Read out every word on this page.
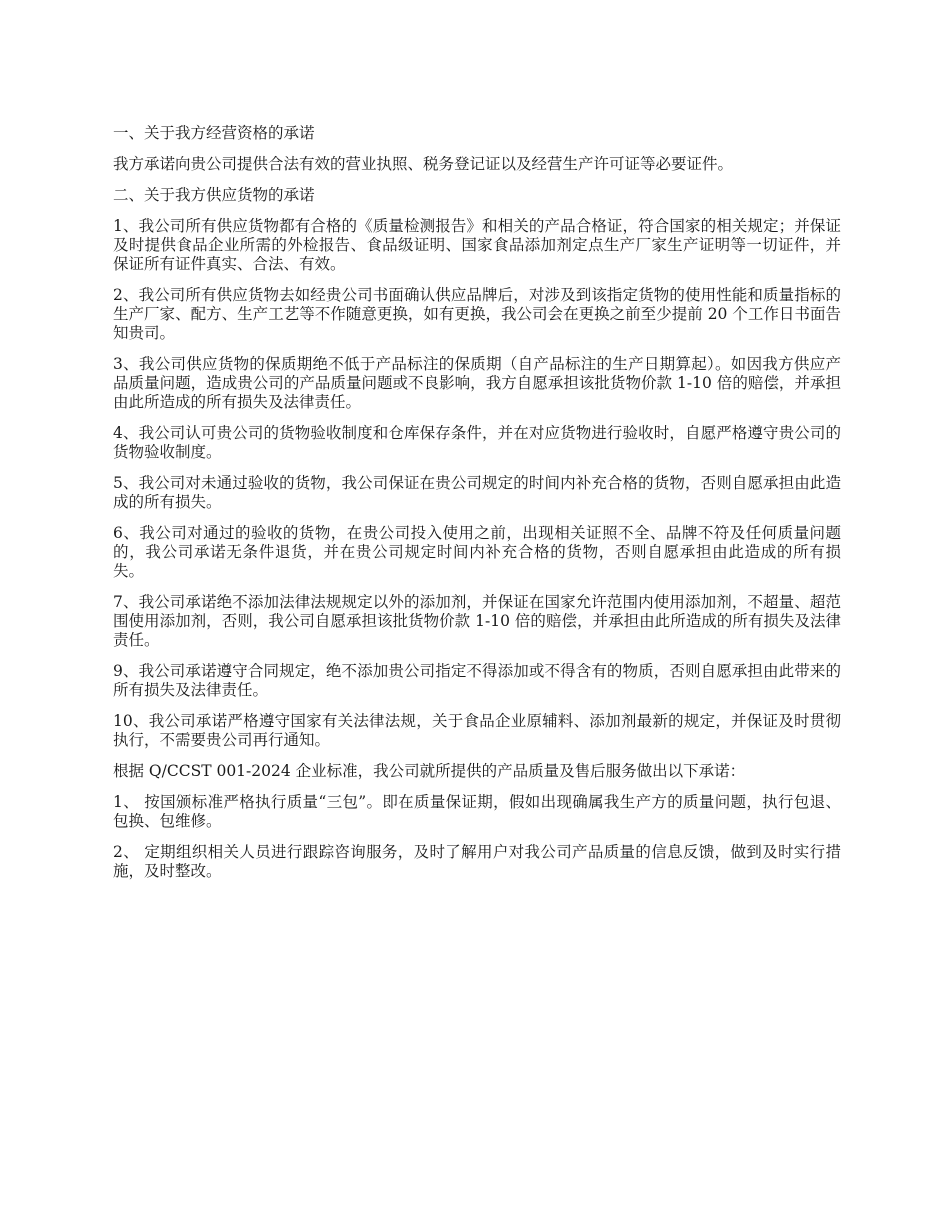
一、关于我方经营资格的承诺

我方承诺向贵公司提供合法有效的营业执照、税务登记证以及经营生产许可证等必要证件。

二、关于我方供应货物的承诺

1、我公司所有供应货物都有合格的《质量检测报告》和相关的产品合格证，符合国家的相关规定；并保证及时提供食品企业所需的外检报告、食品级证明、国家食品添加剂定点生产厂家生产证明等一切证件，并保证所有证件真实、合法、有效。

2、我公司所有供应货物去如经贵公司书面确认供应品牌后，对涉及到该指定货物的使用性能和质量指标的生产厂家、配方、生产工艺等不作随意更换，如有更换，我公司会在更换之前至少提前 20 个工作日书面告知贵司。

3、我公司供应货物的保质期绝不低于产品标注的保质期（自产品标注的生产日期算起）。如因我方供应产品质量问题，造成贵公司的产品质量问题或不良影响，我方自愿承担该批货物价款 1-10 倍的赔偿，并承担由此所造成的所有损失及法律责任。

4、我公司认可贵公司的货物验收制度和仓库保存条件，并在对应货物进行验收时，自愿严格遵守贵公司的货物验收制度。

5、我公司对未通过验收的货物，我公司保证在贵公司规定的时间内补充合格的货物，否则自愿承担由此造成的所有损失。

6、我公司对通过的验收的货物，在贵公司投入使用之前，出现相关证照不全、品牌不符及任何质量问题的，我公司承诺无条件退货，并在贵公司规定时间内补充合格的货物，否则自愿承担由此造成的所有损失。

7、我公司承诺绝不添加法律法规规定以外的添加剂，并保证在国家允许范围内使用添加剂，不超量、超范围使用添加剂，否则，我公司自愿承担该批货物价款 1-10 倍的赔偿，并承担由此所造成的所有损失及法律责任。

9、我公司承诺遵守合同规定，绝不添加贵公司指定不得添加或不得含有的物质，否则自愿承担由此带来的所有损失及法律责任。

10、我公司承诺严格遵守国家有关法律法规，关于食品企业原辅料、添加剂最新的规定，并保证及时贯彻执行，不需要贵公司再行通知。

根据 Q/CCST 001-2024 企业标准，我公司就所提供的产品质量及售后服务做出以下承诺：

1、 按国颁标准严格执行质量“三包”。即在质量保证期，假如出现确属我生产方的质量问题，执行包退、包换、包维修。

2、 定期组织相关人员进行跟踪咨询服务，及时了解用户对我公司产品质量的信息反馈，做到及时实行措施，及时整改。
